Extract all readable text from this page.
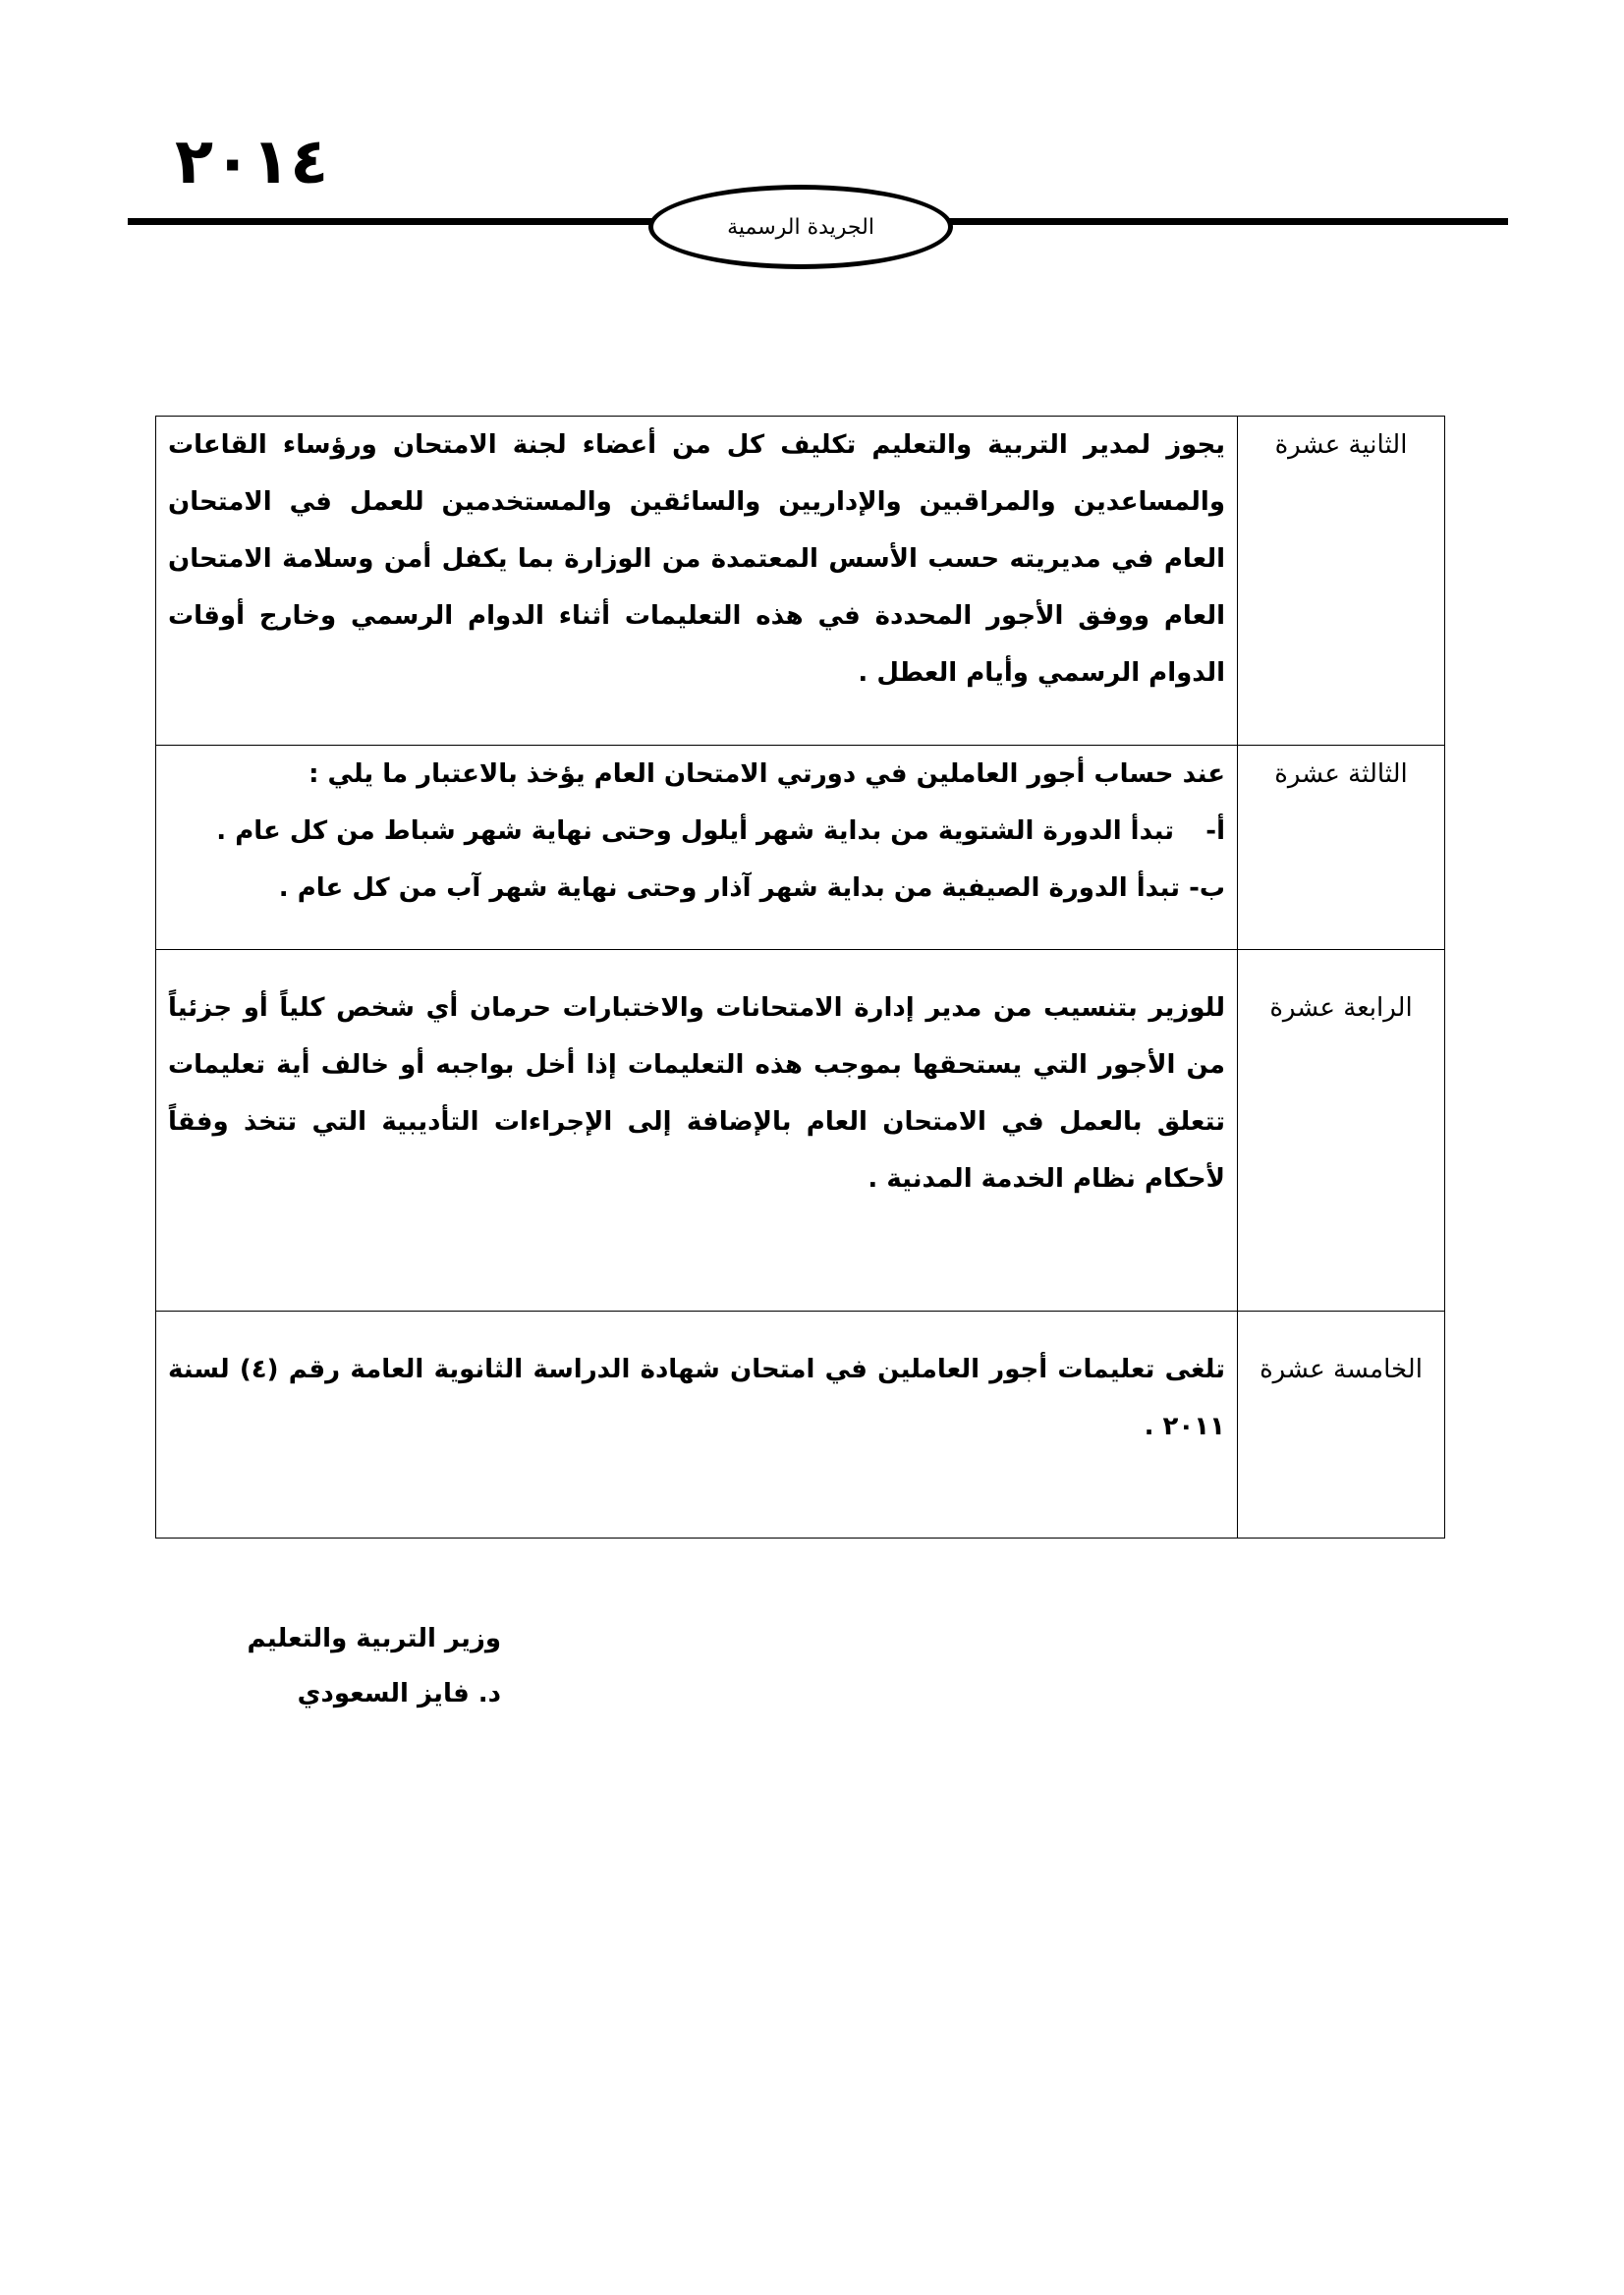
٢٠١٤
الجريدة الرسمية
الثانية عشرة	يجوز لمدير التربية والتعليم تكليف كل من أعضاء لجنة الامتحان ورؤساء القاعات والمساعدين والمراقبين والإداريين والسائقين والمستخدمين للعمل في الامتحان العام في مديريته حسب الأسس المعتمدة من الوزارة بما يكفل أمن وسلامة الامتحان العام ووفق الأجور المحددة في هذه التعليمات أثناء الدوام الرسمي وخارج أوقات الدوام الرسمي وأيام العطل .
الثالثة عشرة	عند حساب أجور العاملين في دورتي الامتحان العام يؤخذ بالاعتبار ما يلي :
أ-تبدأ الدورة الشتوية من بداية شهر أيلول وحتى نهاية شهر شباط من كل عام .
ب- تبدأ الدورة الصيفية من بداية شهر آذار وحتى نهاية شهر آب من كل عام .

الرابعة عشرة	للوزير بتنسيب من مدير إدارة الامتحانات والاختبارات حرمان أي شخص كلياً أو جزئياً من الأجور التي يستحقها بموجب هذه التعليمات إذا أخل بواجبه أو خالف أية تعليمات تتعلق بالعمل في الامتحان العام بالإضافة إلى الإجراءات التأديبية التي تتخذ وفقاً لأحكام نظام الخدمة المدنية .
الخامسة عشرة	تلغى تعليمات أجور العاملين في امتحان شهادة الدراسة الثانوية العامة رقم (٤) لسنة ٢٠١١ .
وزير التربية والتعليم
د. فايز السعودي
